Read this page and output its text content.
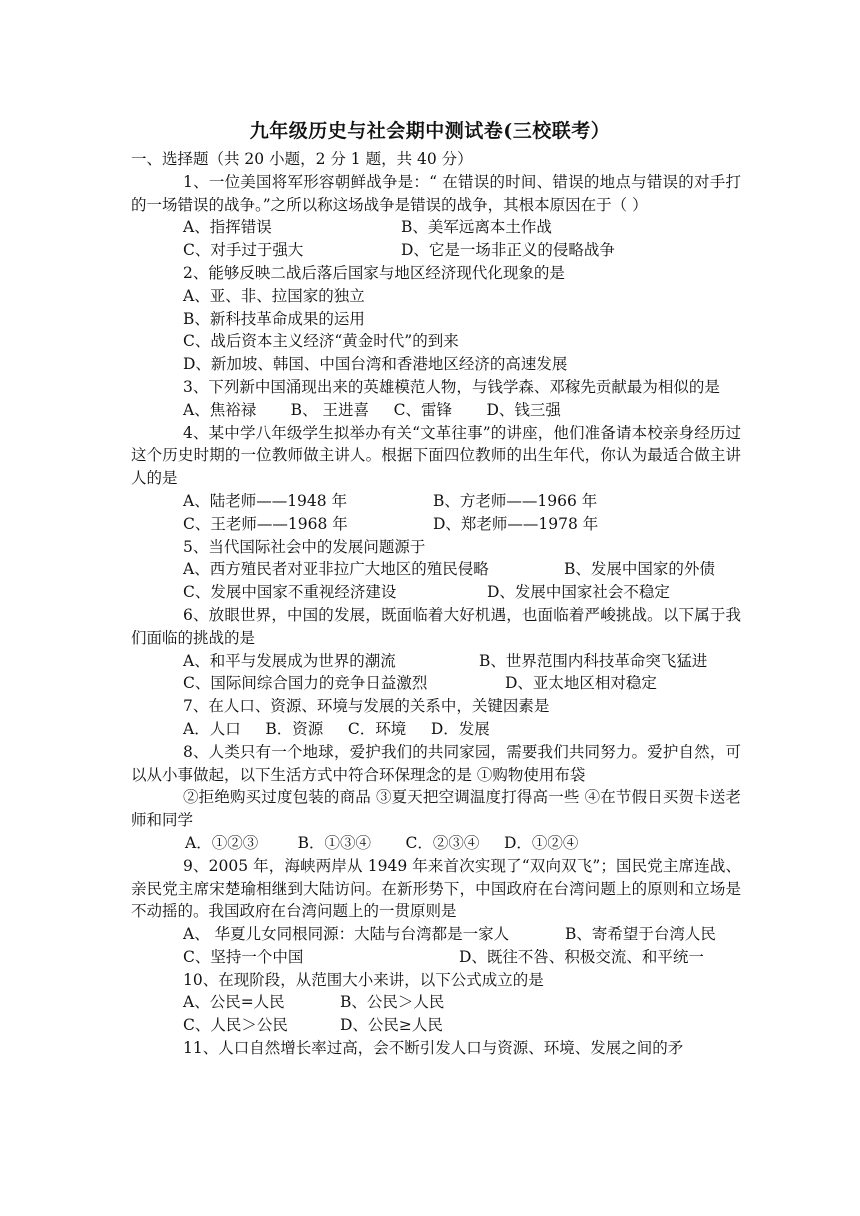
九年级历史与社会期中测试卷(三校联考）
一、选择题（共 20 小题，2 分 1 题，共 40 分）
1、一位美国将军形容朝鲜战争是：“ 在错误的时间、错误的地点与错误的对手打的一场错误的战争。”之所以称这场战争是错误的战争，其根本原因在于（ ）
A、指挥错误	B、美军远离本土作战
C、对手过于强大	D、它是一场非正义的侵略战争
2、能够反映二战后落后国家与地区经济现代化现象的是
A、亚、非、拉国家的独立
B、新科技革命成果的运用
C、战后资本主义经济“黄金时代”的到来
D、新加坡、韩国、中国台湾和香港地区经济的高速发展
3、下列新中国涌现出来的英雄模范人物，与钱学森、邓稼先贡献最为相似的是
A、焦裕禄       B、 王进喜     C、雷锋       D、钱三强
4、某中学八年级学生拟举办有关“文革往事”的讲座，他们准备请本校亲身经历过这个历史时期的一位教师做主讲人。根据下面四位教师的出生年代，你认为最适合做主讲人的是
A、陆老师——1948 年	B、方老师——1966 年
C、王老师——1968 年	D、郑老师——1978 年
5、当代国际社会中的发展问题源于
A、西方殖民者对亚非拉广大地区的殖民侵略	B、发展中国家的外债
C、发展中国家不重视经济建设	D、发展中国家社会不稳定
6、放眼世界，中国的发展，既面临着大好机遇，也面临着严峻挑战。以下属于我们面临的挑战的是
A、和平与发展成为世界的潮流	B、世界范围内科技革命突飞猛进
C、国际间综合国力的竞争日益激烈	D、亚太地区相对稳定
7、在人口、资源、环境与发展的关系中，关键因素是
A．人口     B．资源     C．环境     D．发展
8、人类只有一个地球，爱护我们的共同家园，需要我们共同努力。爱护自然，可以从小事做起，以下生活方式中符合环保理念的是 ①购物使用布袋
②拒绝购买过度包装的商品 ③夏天把空调温度打得高一些 ④在节假日买贺卡送老师和同学
A．①②③        B．①③④       C．②③④     D．①②④
9、2005 年，海峡两岸从 1949 年来首次实现了“双向双飞”；国民党主席连战、亲民党主席宋楚瑜相继到大陆访问。在新形势下，中国政府在台湾问题上的原则和立场是不动摇的。我国政府在台湾问题上的一贯原则是
A、 华夏儿女同根同源：大陆与台湾都是一家人	B、寄希望于台湾人民
C、坚持一个中国	D、既往不咎、积极交流、和平统一
10、在现阶段，从范围大小来讲，以下公式成立的是
A、公民=人民	B、公民＞人民
C、人民＞公民	D、公民≥人民
11、人口自然增长率过高，会不断引发人口与资源、环境、发展之间的矛
